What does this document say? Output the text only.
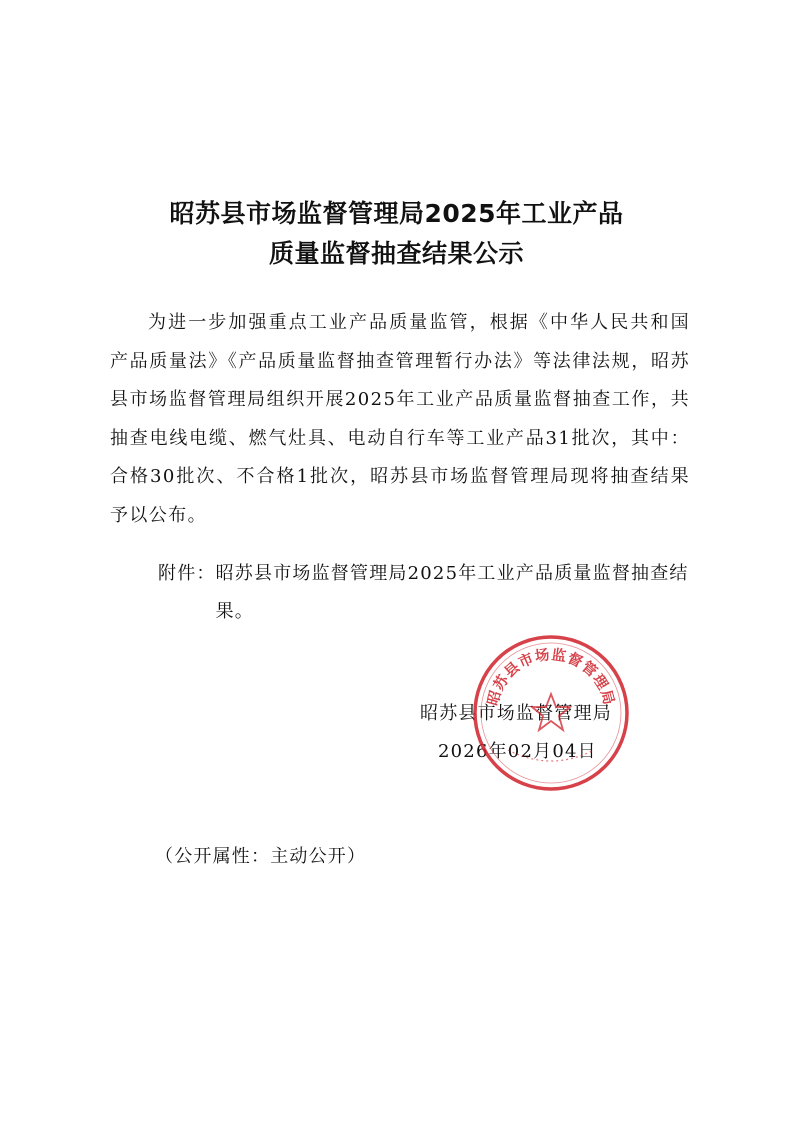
昭苏县市场监督管理局2025年工业产品
质量监督抽查结果公示
为进一步加强重点工业产品质量监管，根据《中华人民共和国产品质量法》《产品质量监督抽查管理暂行办法》等法律法规，昭苏县市场监督管理局组织开展2025年工业产品质量监督抽查工作，共抽查电线电缆、燃气灶具、电动自行车等工业产品31批次，其中：合格30批次、不合格1批次，昭苏县市场监督管理局现将抽查结果予以公布。
附件： 昭苏县市场监督管理局2025年工业产品质量监督抽查结果。
昭苏县市场监督管理局
2026年02月04日
昭苏县市场监督管理局
（公开属性：主动公开）
